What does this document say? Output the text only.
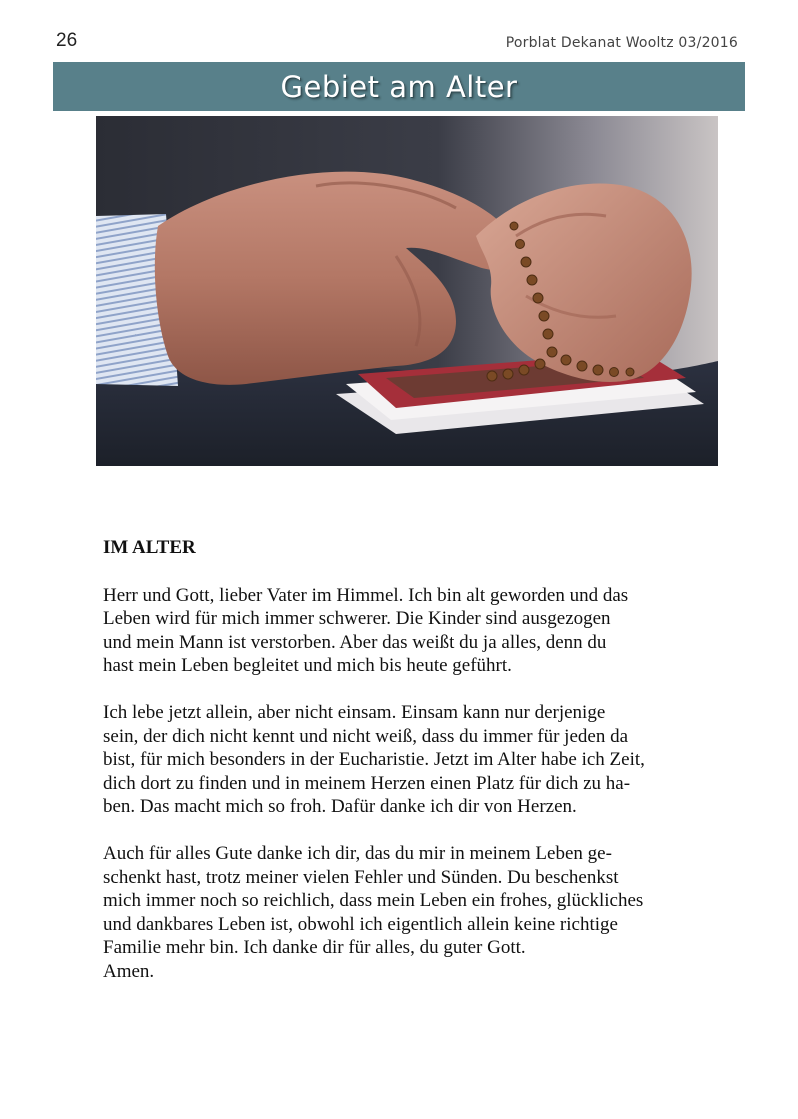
26	Porblat Dekanat Wooltz 03/2016
Gebiet am Alter
IM ALTER

Herr und Gott, lieber Vater im Himmel. Ich bin alt geworden und das
Leben wird für mich immer schwerer. Die Kinder sind ausgezogen
und mein Mann ist verstorben. Aber das weißt du ja alles, denn du
hast mein Leben begleitet und mich bis heute geführt.

Ich lebe jetzt allein, aber nicht einsam. Einsam kann nur derjenige
sein, der dich nicht kennt und nicht weiß, dass du immer für jeden da
bist, für mich besonders in der Eucharistie. Jetzt im Alter habe ich Zeit,
dich dort zu finden und in meinem Herzen einen Platz für dich zu ha-
ben. Das macht mich so froh. Dafür danke ich dir von Herzen.

Auch für alles Gute danke ich dir, das du mir in meinem Leben ge-
schenkt hast, trotz meiner vielen Fehler und Sünden. Du beschenkst
mich immer noch so reichlich, dass mein Leben ein frohes, glückliches
und dankbares Leben ist, obwohl ich eigentlich allein keine richtige
Familie mehr bin. Ich danke dir für alles, du guter Gott.
Amen.
